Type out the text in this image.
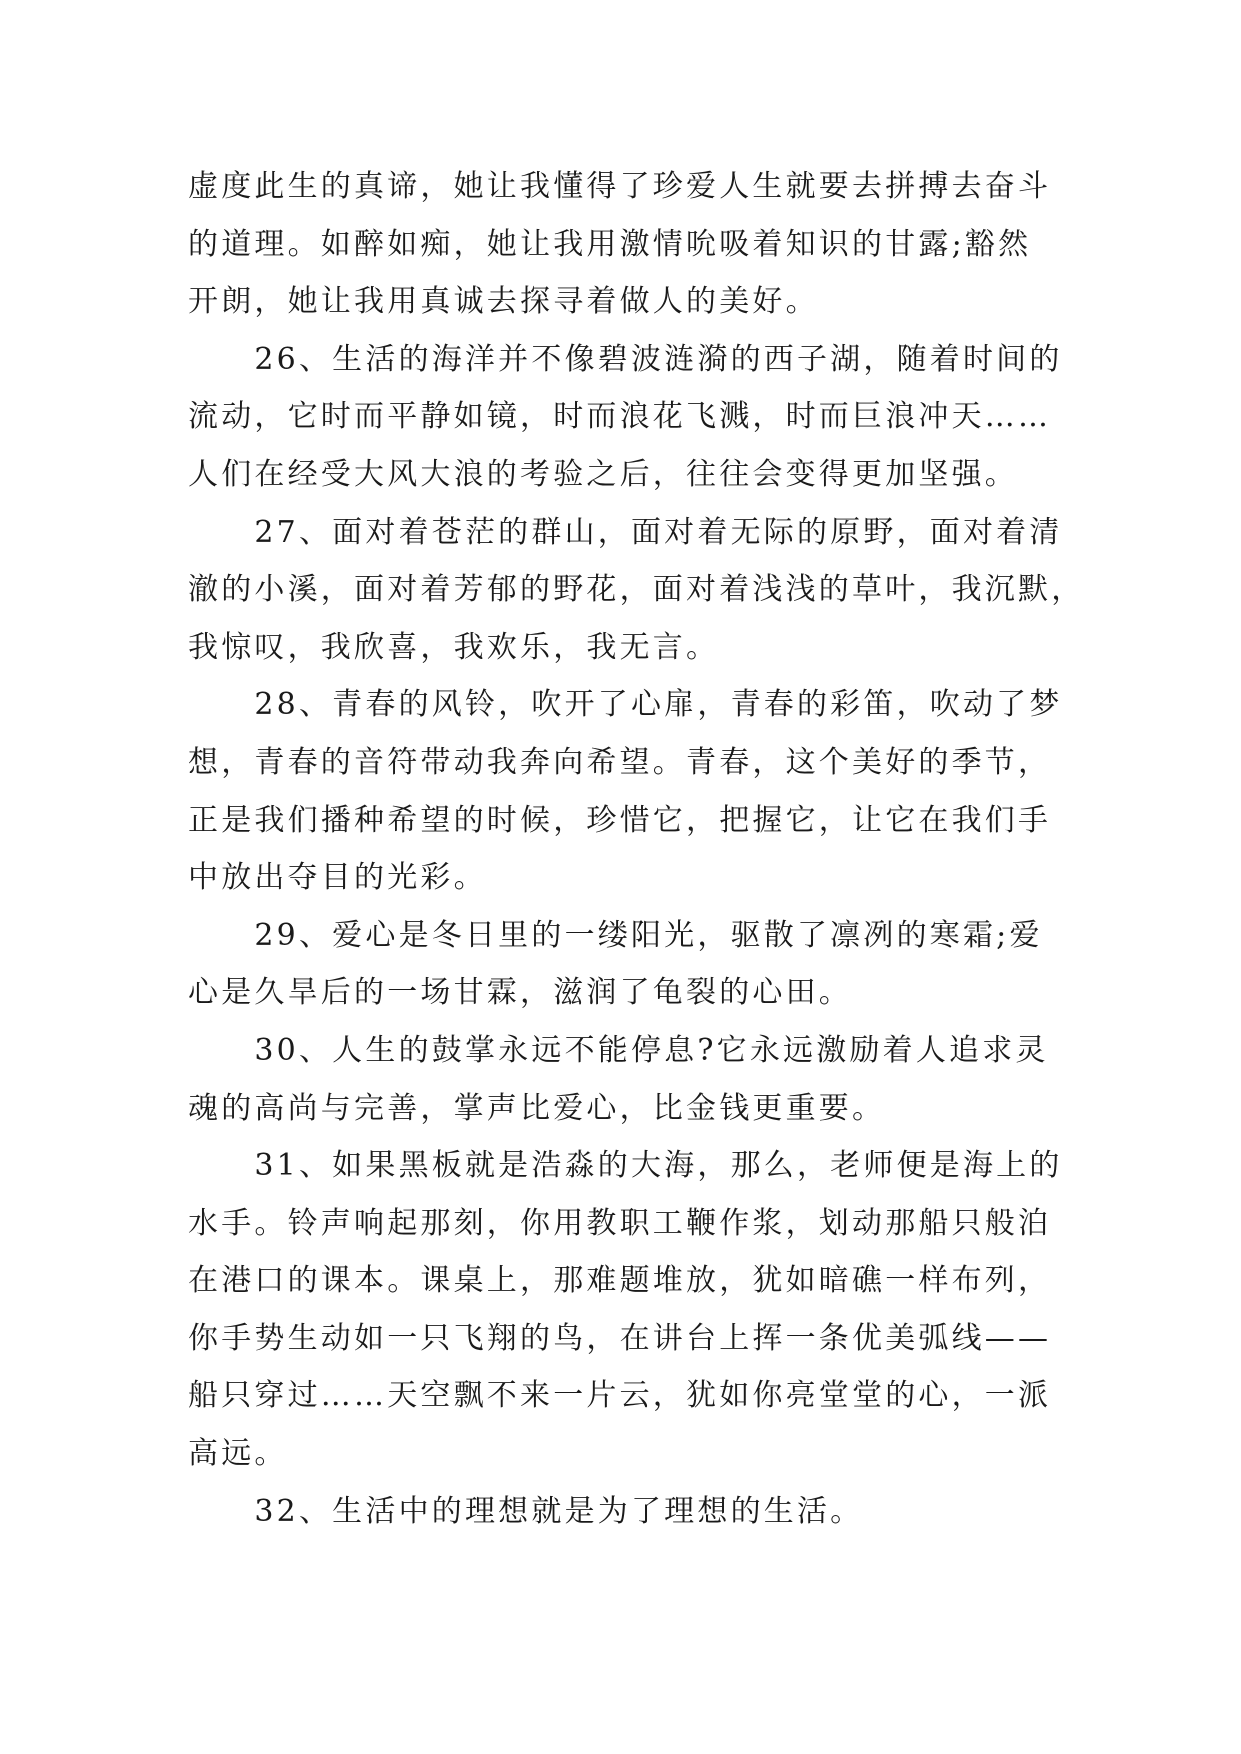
虚度此生的真谛，她让我懂得了珍爱人生就要去拼搏去奋斗
的道理。如醉如痴，她让我用激情吮吸着知识的甘露;豁然
开朗，她让我用真诚去探寻着做人的美好。
　　26、生活的海洋并不像碧波涟漪的西子湖，随着时间的
流动，它时而平静如镜，时而浪花飞溅，时而巨浪冲天……
人们在经受大风大浪的考验之后，往往会变得更加坚强。
　　27、面对着苍茫的群山，面对着无际的原野，面对着清
澈的小溪，面对着芳郁的野花，面对着浅浅的草叶，我沉默，
我惊叹，我欣喜，我欢乐，我无言。
　　28、青春的风铃，吹开了心扉，青春的彩笛，吹动了梦
想，青春的音符带动我奔向希望。青春，这个美好的季节，
正是我们播种希望的时候，珍惜它，把握它，让它在我们手
中放出夺目的光彩。
　　29、爱心是冬日里的一缕阳光，驱散了凛冽的寒霜;爱
心是久旱后的一场甘霖，滋润了龟裂的心田。
　　30、人生的鼓掌永远不能停息?它永远激励着人追求灵
魂的高尚与完善，掌声比爱心，比金钱更重要。
　　31、如果黑板就是浩淼的大海，那么，老师便是海上的
水手。铃声响起那刻，你用教职工鞭作浆，划动那船只般泊
在港口的课本。课桌上，那难题堆放，犹如暗礁一样布列，
你手势生动如一只飞翔的鸟，在讲台上挥一条优美弧线——
船只穿过……天空飘不来一片云，犹如你亮堂堂的心，一派
高远。
　　32、生活中的理想就是为了理想的生活。
